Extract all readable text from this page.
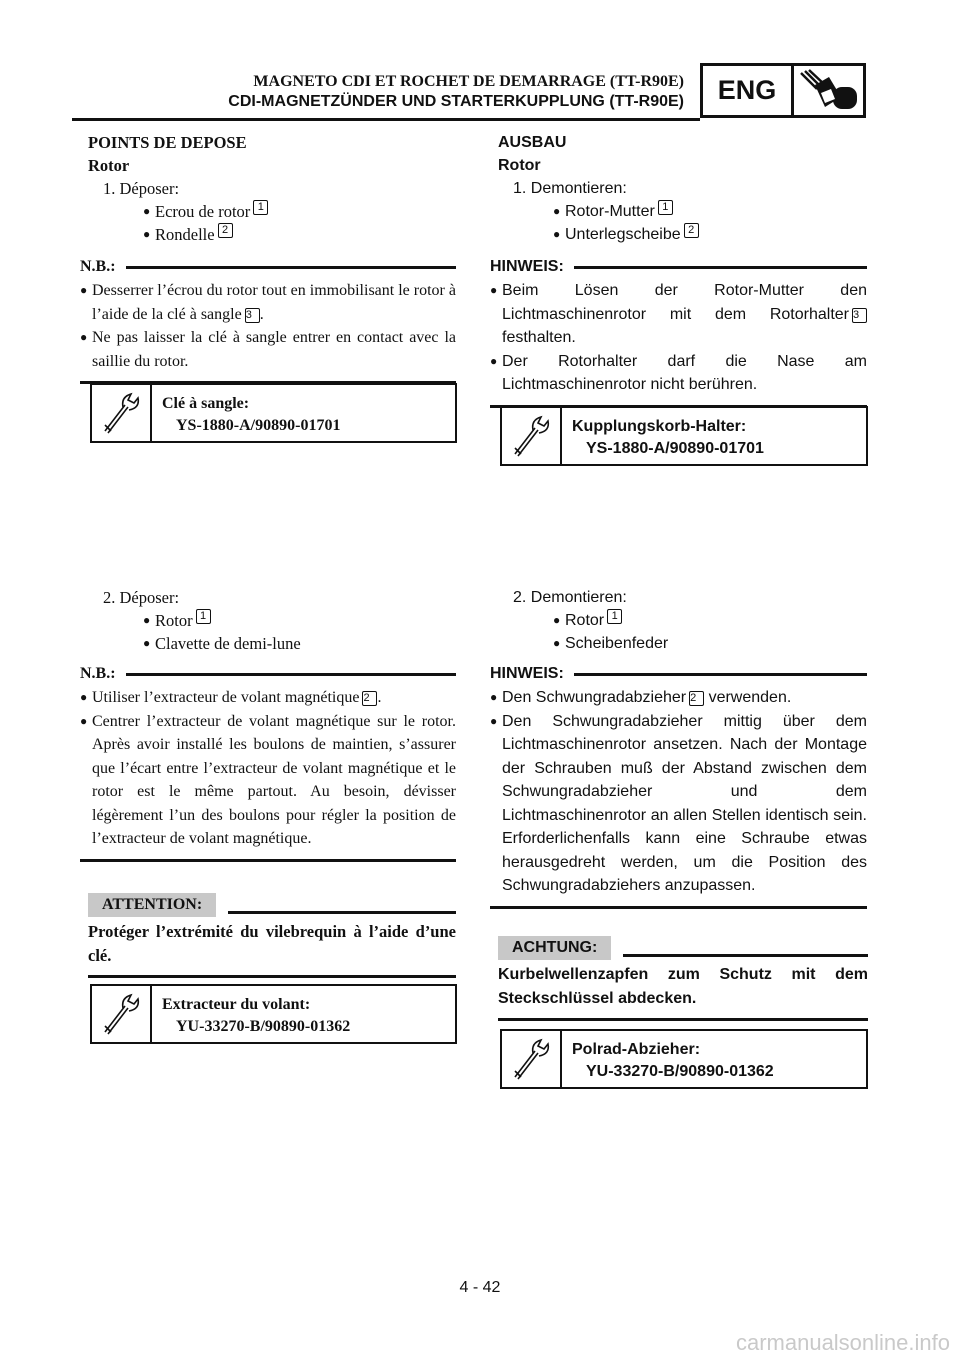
MAGNETO CDI ET ROCHET DE DEMARRAGE (TT-R90E)
CDI-MAGNETZÜNDER UND STARTERKUPPLUNG (TT-R90E)	ENG
POINTS DE DEPOSE
Rotor
1. Déposer:
● Ecrou de rotor 1
● Rondelle 2
N.B.:
● Desserrer l’écrou du rotor tout en immobilisant le rotor à l’aide de la clé à sangle 3 .
● Ne pas laisser la clé à sangle entrer en contact avec la saillie du rotor.
Clé à sangle:
YS-1880-A/90890-01701
2. Déposer:
● Rotor 1
● Clavette de demi-lune
N.B.:
● Utiliser l’extracteur de volant magnétique 2 .
● Centrer l’extracteur de volant magnétique sur le rotor. Après avoir installé les boulons de maintien, s’assurer que l’écart entre l’extracteur de volant magnétique et le rotor est le même partout. Au besoin, dévisser légèrement l’un des boulons pour régler la position de l’extracteur de volant magnétique.
ATTENTION:
Protéger l’extrémité du vilebrequin à l’aide d’une clé.
Extracteur du volant:
YU-33270-B/90890-01362
AUSBAU
Rotor
1. Demontieren:
● Rotor-Mutter 1
● Unterlegscheibe 2
HINWEIS:
● Beim Lösen der Rotor-Mutter den Lichtmaschinenrotor mit dem Rotorhalter 3 festhalten.
● Der Rotorhalter darf die Nase am Lichtmaschinenrotor nicht berühren.
Kupplungskorb-Halter:
YS-1880-A/90890-01701
2. Demontieren:
● Rotor 1
● Scheibenfeder
HINWEIS:
● Den Schwungradabzieher 2 verwenden.
● Den Schwungradabzieher mittig über dem Lichtmaschinenrotor ansetzen. Nach der Montage der Schrauben muß der Abstand zwischen dem Schwungradabzieher und dem Lichtmaschinenrotor an allen Stellen identisch sein. Erforderlichenfalls kann eine Schraube etwas herausgedreht werden, um die Position des Schwungradabziehers anzupassen.
ACHTUNG:
Kurbelwellenzapfen zum Schutz mit dem Steckschlüssel abdecken.
Polrad-Abzieher:
YU-33270-B/90890-01362
4 - 42
carmanualsonline.info
